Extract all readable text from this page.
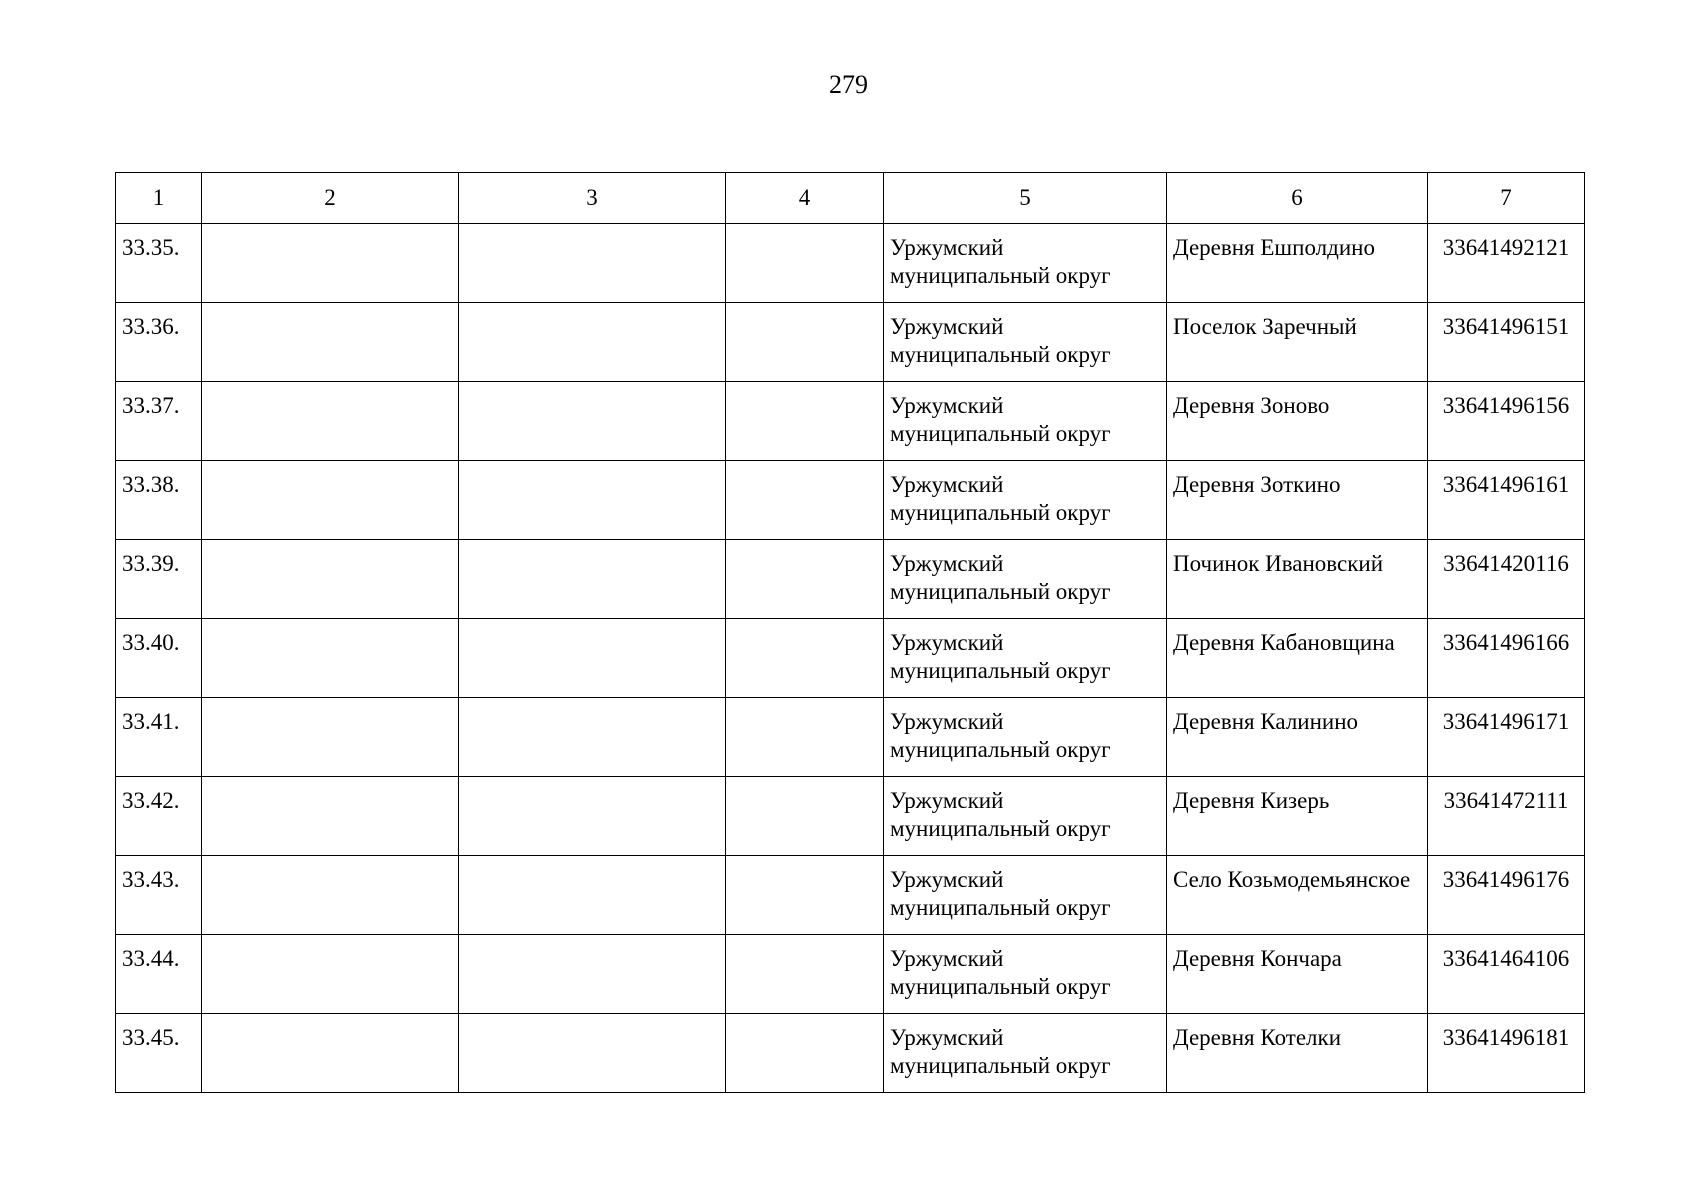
279
1	2	3	4	5	6	7
33.35.				Уржумский муниципальный округ	Деревня Ешполдино	33641492121
33.36.				Уржумский муниципальный округ	Поселок Заречный	33641496151
33.37.				Уржумский муниципальный округ	Деревня Зоново	33641496156
33.38.				Уржумский муниципальный округ	Деревня Зоткино	33641496161
33.39.				Уржумский муниципальный округ	Починок Ивановский	33641420116
33.40.				Уржумский муниципальный округ	Деревня Кабановщина	33641496166
33.41.				Уржумский муниципальный округ	Деревня Калинино	33641496171
33.42.				Уржумский муниципальный округ	Деревня Кизерь	33641472111
33.43.				Уржумский муниципальный округ	Село Козьмодемьянское	33641496176
33.44.				Уржумский муниципальный округ	Деревня Кончара	33641464106
33.45.				Уржумский муниципальный округ	Деревня Котелки	33641496181
